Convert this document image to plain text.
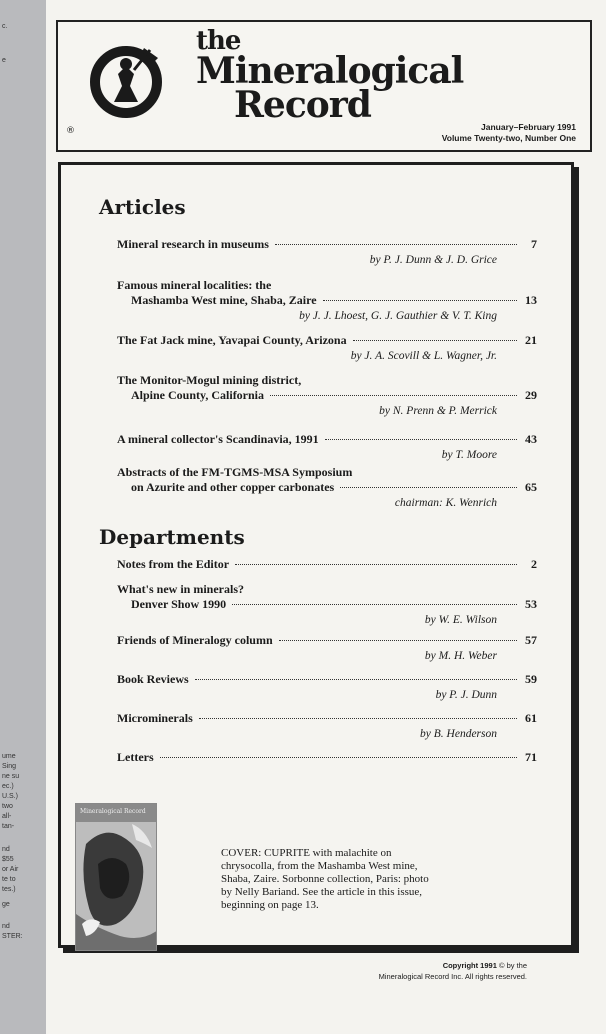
c.
e
ume
Sing
ne su
ec.)
U.S.)
two
all-
tan-
nd
$55
or Air
te to
tes.)
ge
nd
STER:
the
Mineralogical
Record
®	January–February 1991
Volume Twenty-two, Number One
Articles
Mineral research in museums	7
by P. J. Dunn & J. D. Grice
Famous mineral localities: the
Mashamba West mine, Shaba, Zaire	13
by J. J. Lhoest, G. J. Gauthier & V. T. King
The Fat Jack mine, Yavapai County, Arizona	21
by J. A. Scovill & L. Wagner, Jr.
The Monitor-Mogul mining district,
Alpine County, California	29
by N. Prenn & P. Merrick
A mineral collector's Scandinavia, 1991	43
by T. Moore
Abstracts of the FM-TGMS-MSA Symposium
on Azurite and other copper carbonates	65
chairman: K. Wenrich
Departments
Notes from the Editor	2
What's new in minerals?
Denver Show 1990	53
by W. E. Wilson
Friends of Mineralogy column	57
by M. H. Weber
Book Reviews	59
by P. J. Dunn
Microminerals	61
by B. Henderson
Letters	71
Mineralogical Record
COVER: CUPRITE with malachite on
chrysocolla, from the Mashamba West mine,
Shaba, Zaire. Sorbonne collection, Paris: photo
by Nelly Bariand. See the article in this issue,
beginning on page 13.
Copyright 1991 © by the
Mineralogical Record Inc. All rights reserved.
